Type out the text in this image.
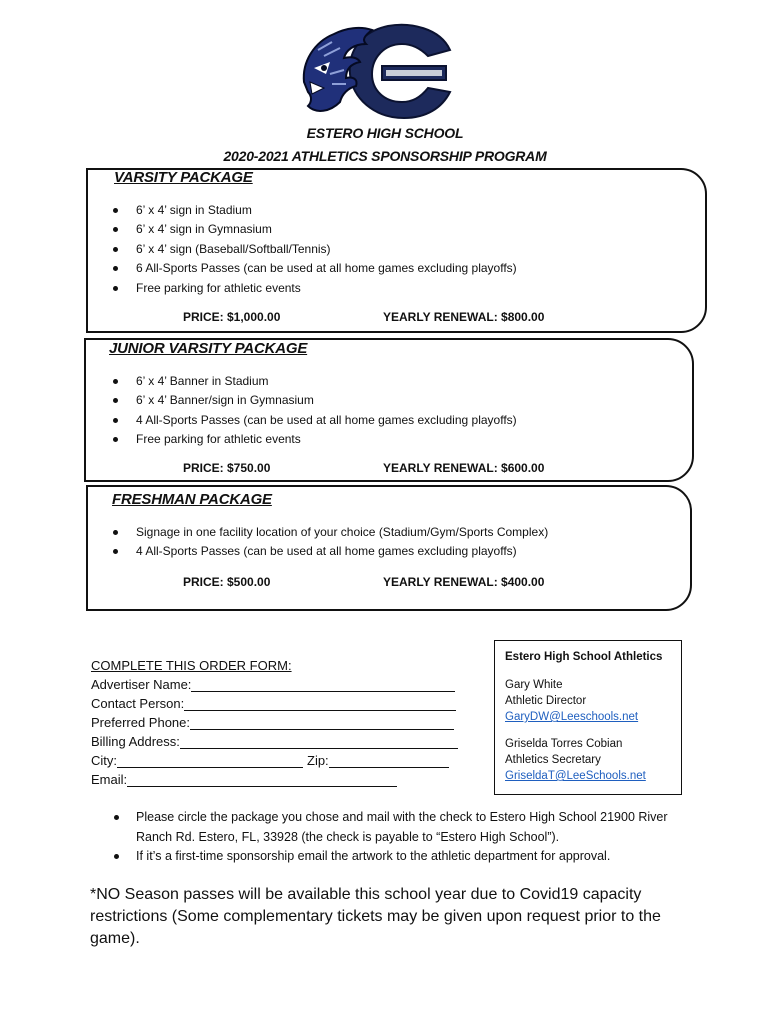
ESTERO HIGH SCHOOL
2020-2021 ATHLETICS SPONSORSHIP PROGRAM
VARSITY PACKAGE
6’ x 4’ sign in Stadium
6’ x 4’ sign in Gymnasium
6’ x 4’ sign (Baseball/Softball/Tennis)
6 All-Sports Passes (can be used at all home games excluding playoffs)
Free parking for athletic events
PRICE: $1,000.00	YEARLY RENEWAL: $800.00
JUNIOR VARSITY PACKAGE
6’ x 4’ Banner in Stadium
6’ x 4’ Banner/sign in Gymnasium
4 All-Sports Passes (can be used at all home games excluding playoffs)
Free parking for athletic events
PRICE: $750.00	YEARLY RENEWAL: $600.00
FRESHMAN PACKAGE
Signage in one facility location of your choice (Stadium/Gym/Sports Complex)
4 All-Sports Passes (can be used at all home games excluding playoffs)
PRICE: $500.00	YEARLY RENEWAL: $400.00
COMPLETE THIS ORDER FORM:
Advertiser Name:
Contact Person:
Preferred Phone:
Billing Address:
City:	Zip:
Email:
Estero High School Athletics
Gary White
Athletic Director
GaryDW@Leeschools.net
Griselda Torres Cobian
Athletics Secretary
GriseldaT@LeeSchools.net
Please circle the package you chose and mail with the check to Estero High School 21900 River Ranch Rd. Estero, FL, 33928 (the check is payable to “Estero High School”).
If it’s a first-time sponsorship email the artwork to the athletic department for approval.
*NO Season passes will be available this school year due to Covid19 capacity restrictions (Some complementary tickets may be given upon request prior to the game).
